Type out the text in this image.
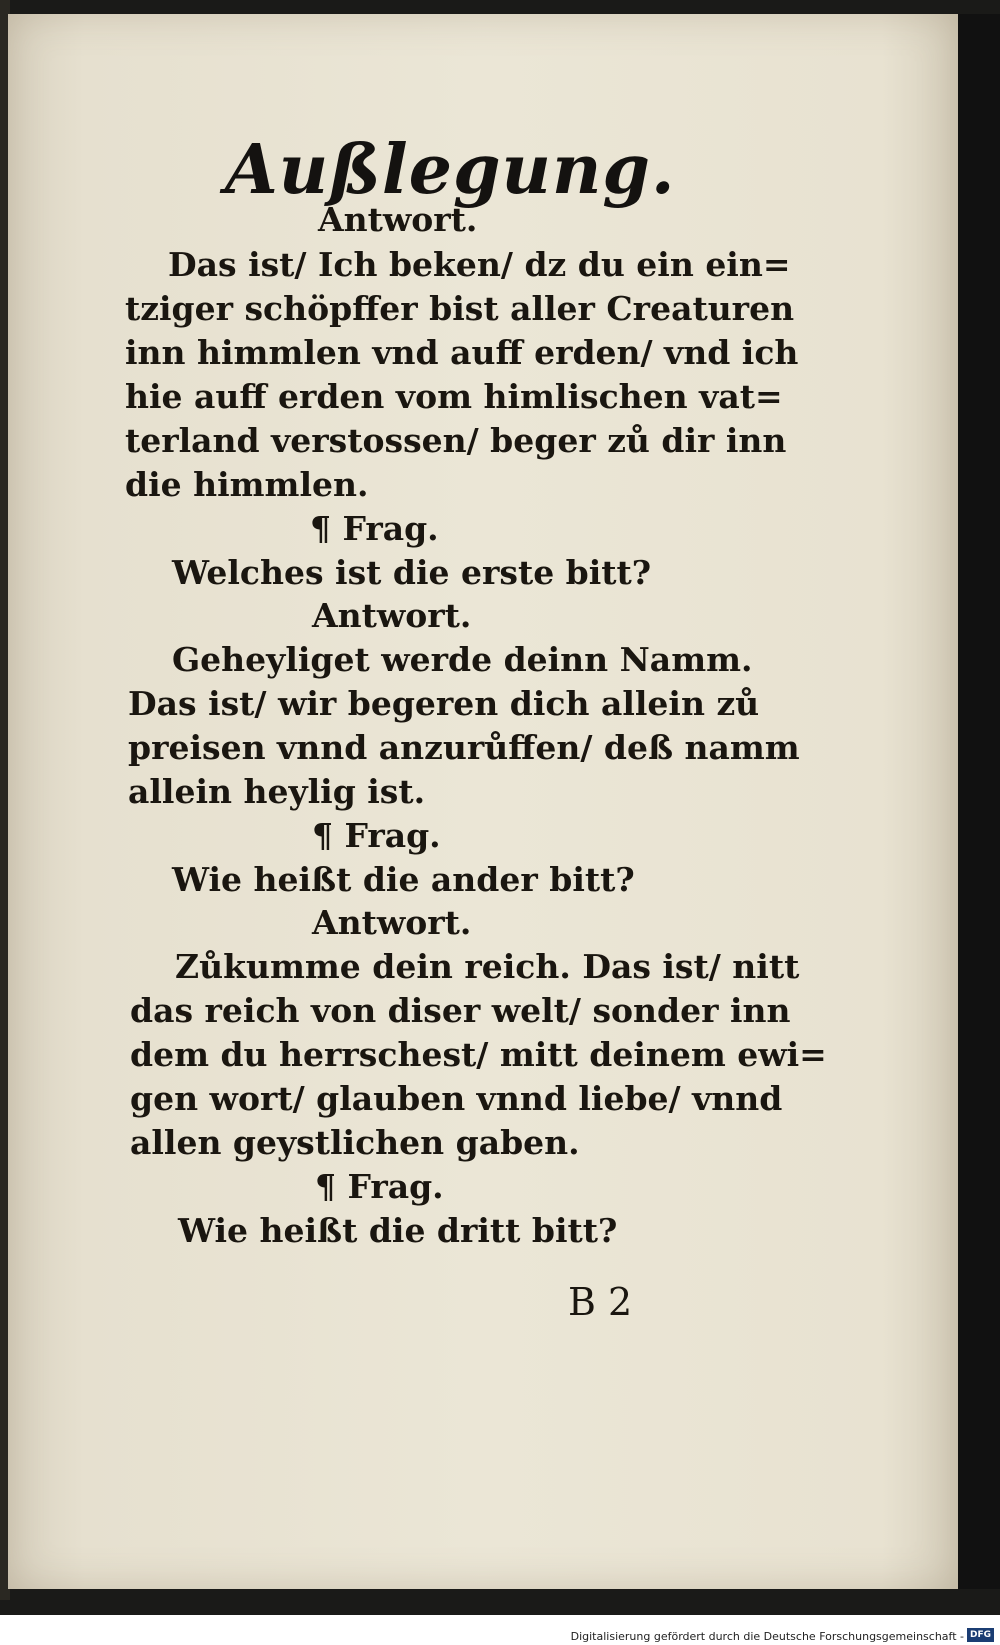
Außlegung.
Antwort.
Das ist/ Ich beken/ dz du ein ein=
tziger schöpffer bist aller Creaturen
inn himmlen vnd auff erden/ vnd ich
hie auff erden vom himlischen vat=
terland verstossen/ beger zů dir inn
die himmlen.
¶ Frag.
Welches ist die erste bitt?
Antwort.
Geheyliget werde deinn Namm.
Das ist/ wir begeren dich allein zů
preisen vnnd anzurůffen/ deß namm
allein heylig ist.
¶ Frag.
Wie heißt die ander bitt?
Antwort.
Zůkumme dein reich. Das ist/ nitt
das reich von diser welt/ sonder inn
dem du herrschest/ mitt deinem ewi=
gen wort/ glauben vnnd liebe/ vnnd
allen geystlichen gaben.
¶ Frag.
Wie heißt die dritt bitt?
B 2
Digitalisierung gefördert durch die Deutsche Forschungsgemeinschaft - DFG
